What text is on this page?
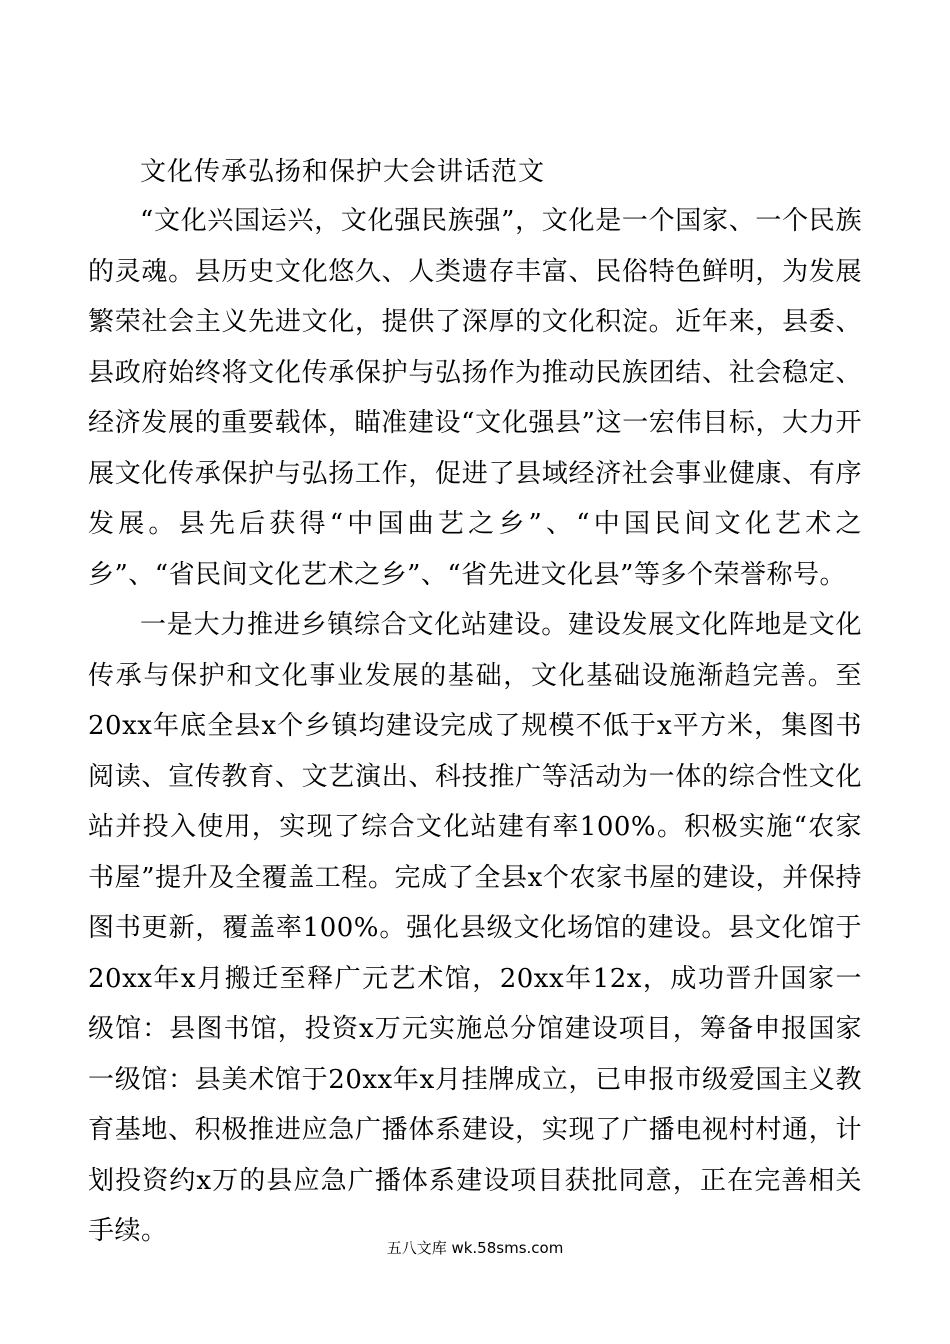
文化传承弘扬和保护大会讲话范文

“文化兴国运兴，文化强民族强”，文化是一个国家、一个民族的灵魂。县历史文化悠久、人类遗存丰富、民俗特色鲜明，为发展繁荣社会主义先进文化，提供了深厚的文化积淀。近年来，县委、县政府始终将文化传承保护与弘扬作为推动民族团结、社会稳定、经济发展的重要载体，瞄准建设“文化强县”这一宏伟目标，大力开展文化传承保护与弘扬工作，促进了县域经济社会事业健康、有序发展。县先后获得“中国曲艺之乡”、“中国民间文化艺术之乡”、“省民间文化艺术之乡”、“省先进文化县”等多个荣誉称号。

一是大力推进乡镇综合文化站建设。建设发展文化阵地是文化传承与保护和文化事业发展的基础，文化基础设施渐趋完善。至20xx年底全县x个乡镇均建设完成了规模不低于x平方米，集图书阅读、宣传教育、文艺演出、科技推广等活动为一体的综合性文化站并投入使用，实现了综合文化站建有率100%。积极实施“农家书屋”提升及全覆盖工程。完成了全县x个农家书屋的建设，并保持图书更新，覆盖率100%。强化县级文化场馆的建设。县文化馆于20xx年x月搬迁至释广元艺术馆，20xx年12x，成功晋升国家一级馆：县图书馆，投资x万元实施总分馆建设项目，筹备申报国家一级馆：县美术馆于20xx年x月挂牌成立，已申报市级爱国主义教育基地、积极推进应急广播体系建设，实现了广播电视村村通，计划投资约x万的县应急广播体系建设项目获批同意，正在完善相关手续。

五八文库 wk.58sms.com
